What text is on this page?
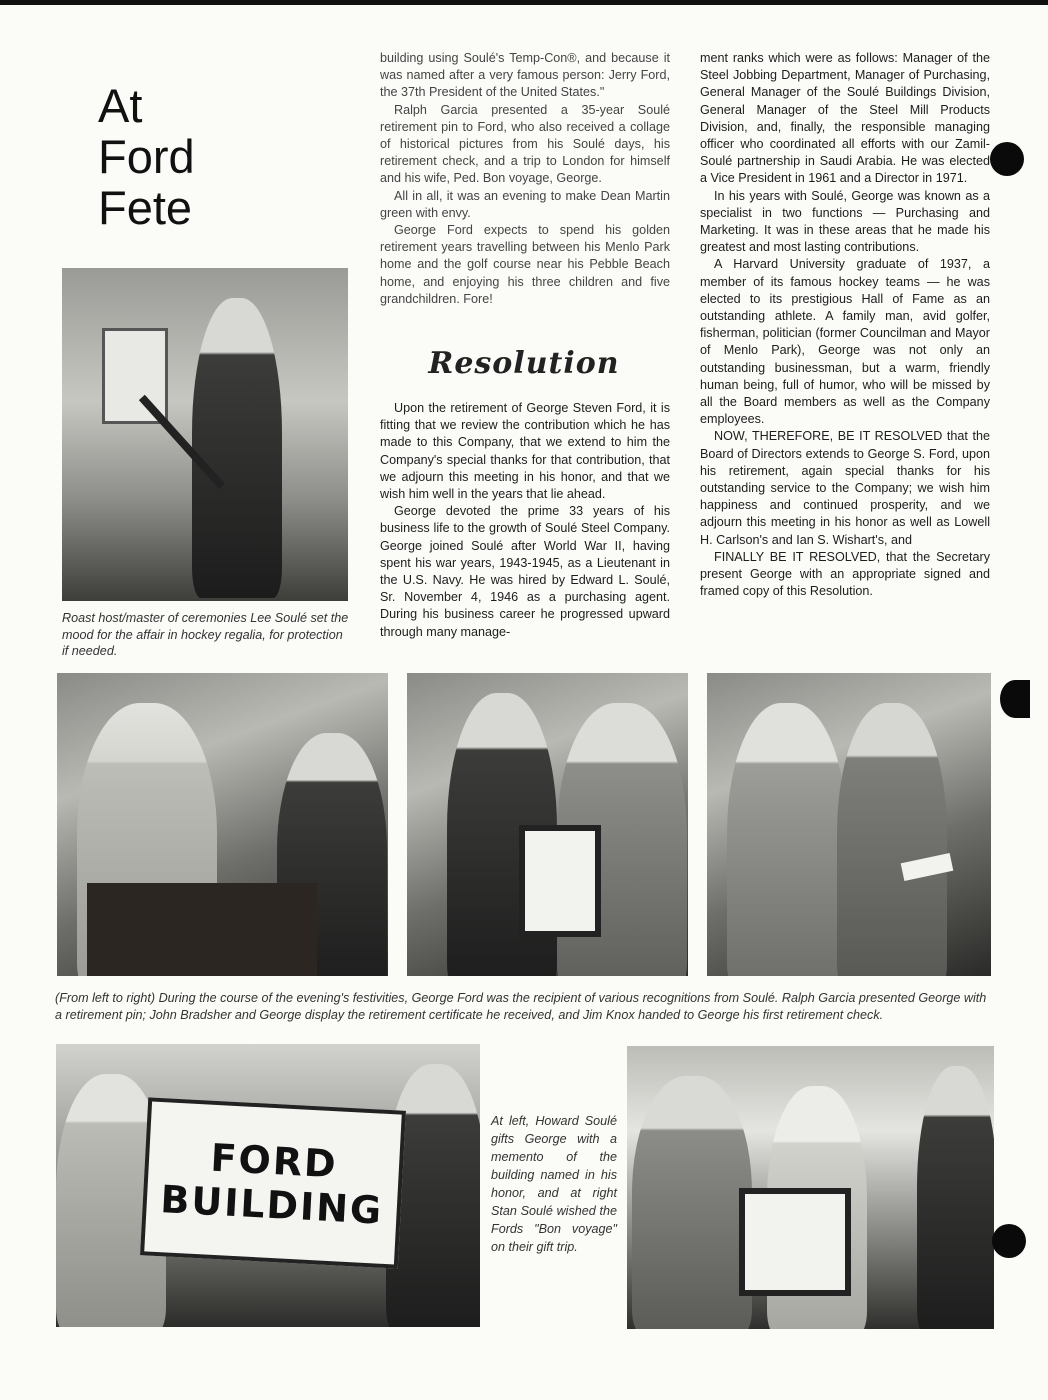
At
Ford
Fete
Roast host/master of ceremonies Lee Soulé set the mood for the affair in hockey regalia, for protection if needed.

building using Soulé's Temp-Con®, and because it was named after a very famous person: Jerry Ford, the 37th President of the United States."

Ralph Garcia presented a 35-year Soulé retirement pin to Ford, who also received a collage of historical pictures from his Soulé days, his retirement check, and a trip to London for himself and his wife, Ped. Bon voyage, George.

All in all, it was an evening to make Dean Martin green with envy.

George Ford expects to spend his golden retirement years travelling between his Menlo Park home and the golf course near his Pebble Beach home, and enjoying his three children and five grandchildren. Fore!

Resolution

Upon the retirement of George Steven Ford, it is fitting that we review the contribution which he has made to this Company, that we extend to him the Company's special thanks for that contribution, that we adjourn this meeting in his honor, and that we wish him well in the years that lie ahead.

George devoted the prime 33 years of his business life to the growth of Soulé Steel Company. George joined Soulé after World War II, having spent his war years, 1943-1945, as a Lieutenant in the U.S. Navy. He was hired by Edward L. Soulé, Sr. November 4, 1946 as a purchasing agent. During his business career he progressed upward through many manage-

ment ranks which were as follows: Manager of the Steel Jobbing Department, Manager of Purchasing, General Manager of the Soulé Buildings Division, General Manager of the Steel Mill Products Division, and, finally, the responsible managing officer who coordinated all efforts with our Zamil-Soulé partnership in Saudi Arabia. He was elected a Vice President in 1961 and a Director in 1971.

In his years with Soulé, George was known as a specialist in two functions — Purchasing and Marketing. It was in these areas that he made his greatest and most lasting contributions.

A Harvard University graduate of 1937, a member of its famous hockey teams — he was elected to its prestigious Hall of Fame as an outstanding athlete. A family man, avid golfer, fisherman, politician (former Councilman and Mayor of Menlo Park), George was not only an outstanding businessman, but a warm, friendly human being, full of humor, who will be missed by all the Board members as well as the Company employees.

NOW, THEREFORE, BE IT RESOLVED that the Board of Directors extends to George S. Ford, upon his retirement, again special thanks for his outstanding service to the Company; we wish him happiness and continued prosperity, and we adjourn this meeting in his honor as well as Lowell H. Carlson's and Ian S. Wishart's, and

FINALLY BE IT RESOLVED, that the Secretary present George with an appropriate signed and framed copy of this Resolution.

(From left to right) During the course of the evening's festivities, George Ford was the recipient of various recognitions from Soulé. Ralph Garcia presented George with a retirement pin; John Bradsher and George display the retirement certificate he received, and Jim Knox handed to George his first retirement check.
FORD
BUILDING
At left, Howard Soulé gifts George with a memento of the building named in his honor, and at right Stan Soulé wished the Fords "Bon voyage" on their gift trip.
